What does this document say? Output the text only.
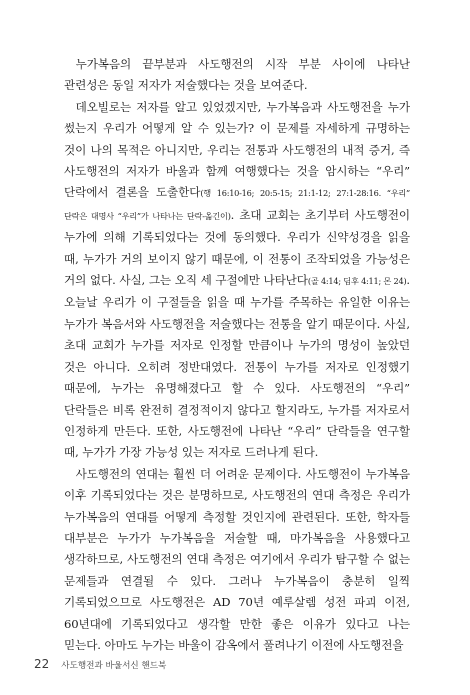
누가복음의 끝부분과 사도행전의 시작 부분 사이에 나타난 관련성은 동일 저자가 저술했다는 것을 보여준다.

데오빌로는 저자를 알고 있었겠지만, 누가복음과 사도행전을 누가 썼는지 우리가 어떻게 알 수 있는가? 이 문제를 자세하게 규명하는 것이 나의 목적은 아니지만, 우리는 전통과 사도행전의 내적 증거, 즉 사도행전의 저자가 바울과 함께 여행했다는 것을 암시하는 “우리” 단락에서 결론을 도출한다(행 16:10-16; 20:5-15; 21:1-12; 27:1-28:16. “우리” 단락은 대명사 “우리”가 나타나는 단락-옮긴이). 초대 교회는 초기부터 사도행전이 누가에 의해 기록되었다는 것에 동의했다. 우리가 신약성경을 읽을 때, 누가가 거의 보이지 않기 때문에, 이 전통이 조작되었을 가능성은 거의 없다. 사실, 그는 오직 세 구절에만 나타난다(골 4:14; 딤후 4:11; 몬 24). 오늘날 우리가 이 구절들을 읽을 때 누가를 주목하는 유일한 이유는 누가가 복음서와 사도행전을 저술했다는 전통을 알기 때문이다. 사실, 초대 교회가 누가를 저자로 인정할 만큼이나 누가의 명성이 높았던 것은 아니다. 오히려 정반대였다. 전통이 누가를 저자로 인정했기 때문에, 누가는 유명해졌다고 할 수 있다. 사도행전의 “우리” 단락들은 비록 완전히 결정적이지 않다고 할지라도, 누가를 저자로서 인정하게 만든다. 또한, 사도행전에 나타난 “우리” 단락들을 연구할 때, 누가가 가장 가능성 있는 저자로 드러나게 된다.

사도행전의 연대는 훨씬 더 어려운 문제이다. 사도행전이 누가복음 이후 기록되었다는 것은 분명하므로, 사도행전의 연대 측정은 우리가 누가복음의 연대를 어떻게 측정할 것인지에 관련된다. 또한, 학자들 대부분은 누가가 누가복음을 저술할 때, 마가복음을 사용했다고 생각하므로, 사도행전의 연대 측정은 여기에서 우리가 탐구할 수 없는 문제들과 연결될 수 있다. 그러나 누가복음이 충분히 일찍 기록되었으므로 사도행전은 AD 70년 예루살렘 성전 파괴 이전, 60년대에 기록되었다고 생각할 만한 좋은 이유가 있다고 나는 믿는다. 아마도 누가는 바울이 감옥에서 풀려나기 이전에 사도행전을

22 사도행전과 바울서신 핸드북
